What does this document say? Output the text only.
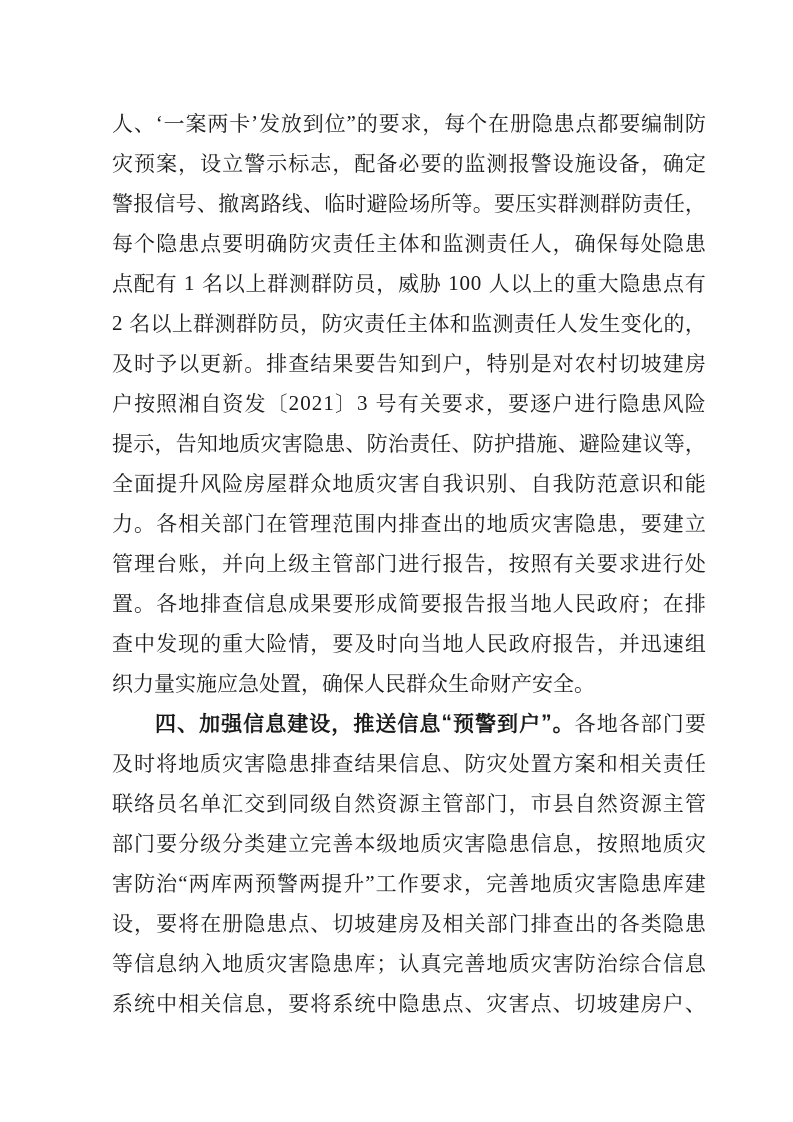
人 、 ‘ 一 案 两 卡 ’ 发 放 到 位 ” 的 要 求 ， 每 个 在 册 隐 患 点 都 要 编 制 防
灾 预 案 ， 设 立 警 示 标 志 ， 配 备 必 要 的 监 测 报 警 设 施 设 备 ， 确 定
警 报 信 号 、 撤 离 路 线 、 临 时 避 险 场 所 等 。 要 压 实 群 测 群 防 责 任 ，
每 个 隐 患 点 要 明 确 防 灾 责 任 主 体 和 监 测 责 任 人 ， 确 保 每 处 隐 患
点 配 有
1
名 以 上 群 测 群 防 员 ， 威 胁
1 0 0
人 以 上 的 重 大 隐 患 点 有
2
名 以 上 群 测 群 防 员 ， 防 灾 责 任 主 体 和 监 测 责 任 人 发 生 变 化 的 ，
及 时 予 以 更 新 。 排 查 结 果 要 告 知 到 户 ， 特 别 是 对 农 村 切 坡 建 房
户 按 照 湘 自 资 发 〔 2 0 2 1 〕 3
号 有 关 要 求 ， 要 逐 户 进 行 隐 患 风 险
提 示 ， 告 知 地 质 灾 害 隐 患 、 防 治 责 任 、 防 护 措 施 、 避 险 建 议 等 ，
全 面 提 升 风 险 房 屋 群 众 地 质 灾 害 自 我 识 别 、 自 我 防 范 意 识 和 能
力 。 各 相 关 部 门 在 管 理 范 围 内 排 查 出 的 地 质 灾 害 隐 患 ， 要 建 立
管 理 台 账 ， 并 向 上 级 主 管 部 门 进 行 报 告 ， 按 照 有 关 要 求 进 行 处
置 。 各 地 排 查 信 息 成 果 要 形 成 简 要 报 告 报 当 地 人 民 政 府 ； 在 排
查 中 发 现 的 重 大 险 情 ， 要 及 时 向 当 地 人 民 政 府 报 告 ， 并 迅 速 组
织 力 量 实 施 应 急 处 置 ， 确 保 人 民 群 众 生 命 财 产 安 全 。
四 、 加 强 信 息 建 设 ， 推 送 信 息 “ 预 警 到 户 ” 。 各 地 各 部 门 要
及 时 将 地 质 灾 害 隐 患 排 查 结 果 信 息 、 防 灾 处 置 方 案 和 相 关 责 任
联 络 员 名 单 汇 交 到 同 级 自 然 资 源 主 管 部 门 ， 市 县 自 然 资 源 主 管
部 门 要 分 级 分 类 建 立 完 善 本 级 地 质 灾 害 隐 患 信 息 ， 按 照 地 质 灾
害 防 治 “ 两 库 两 预 警 两 提 升 ” 工 作 要 求 ， 完 善 地 质 灾 害 隐 患 库 建
设 ， 要 将 在 册 隐 患 点 、 切 坡 建 房 及 相 关 部 门 排 查 出 的 各 类 隐 患
等 信 息 纳 入 地 质 灾 害 隐 患 库 ； 认 真 完 善 地 质 灾 害 防 治 综 合 信 息
系 统 中 相 关 信 息 ， 要 将 系 统 中 隐 患 点 、 灾 害 点 、 切 坡 建 房 户 、
